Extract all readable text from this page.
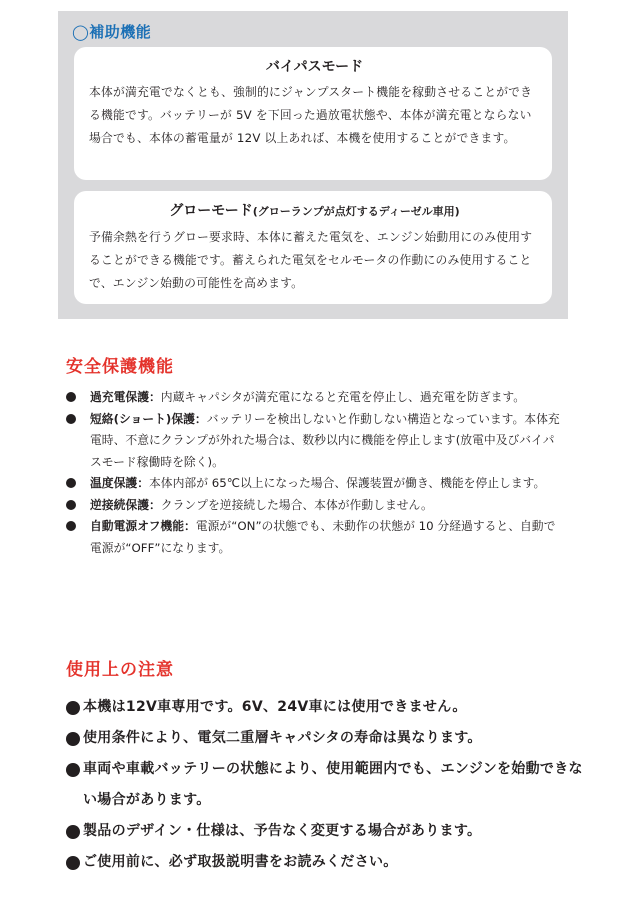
◯補助機能
バイパスモード
本体が満充電でなくとも、強制的にジャンプスタート機能を稼動させることができる機能です。バッテリーが 5V を下回った過放電状態や、本体が満充電とならない場合でも、本体の蓄電量が 12V 以上あれば、本機を使用することができます。
グローモード(グローランプが点灯するディーゼル車用)
予備余熱を行うグロー要求時、本体に蓄えた電気を、エンジン始動用にのみ使用することができる機能です。蓄えられた電気をセルモータの作動にのみ使用することで、エンジン始動の可能性を高めます。
安全保護機能
過充電保護：内蔵キャパシタが満充電になると充電を停止し、過充電を防ぎます。
短絡(ショート)保護：バッテリーを検出しないと作動しない構造となっています。本体充電時、不意にクランプが外れた場合は、数秒以内に機能を停止します(放電中及びバイパスモード稼働時を除く)。
温度保護：本体内部が 65℃以上になった場合、保護装置が働き、機能を停止します。
逆接続保護：クランプを逆接続した場合、本体が作動しません。
自動電源オフ機能：電源が“ON”の状態でも、未動作の状態が 10 分経過すると、自動で電源が“OFF”になります。
使用上の注意
本機は12V車専用です。6V、24V車には使用できません。
使用条件により、電気二重層キャパシタの寿命は異なります。
車両や車載バッテリーの状態により、使用範囲内でも、エンジンを始動できない場合があります。
製品のデザイン・仕様は、予告なく変更する場合があります。
ご使用前に、必ず取扱説明書をお読みください。
